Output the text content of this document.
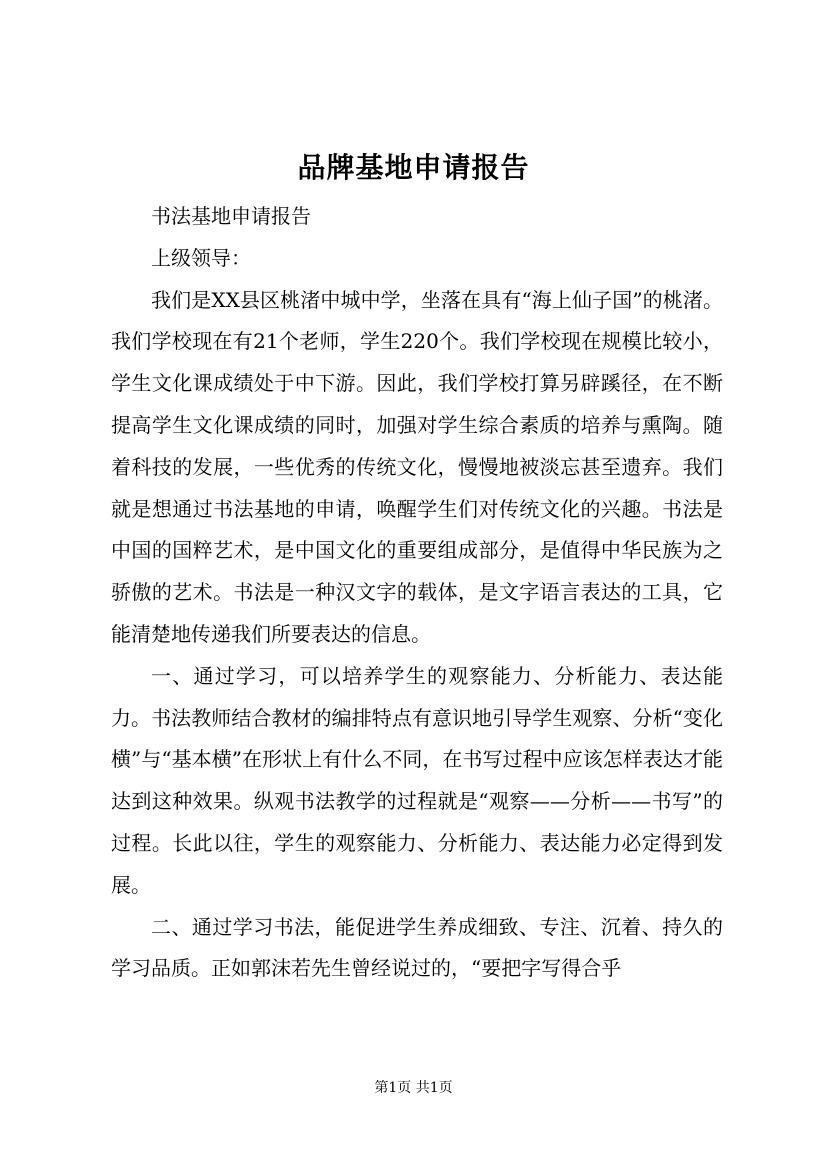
品牌基地申请报告

书法基地申请报告

上级领导：

我们是XX县区桃渚中城中学，坐落在具有“海上仙子国”的桃渚。我们学校现在有21个老师，学生220个。我们学校现在规模比较小，学生文化课成绩处于中下游。因此，我们学校打算另辟蹊径，在不断提高学生文化课成绩的同时，加强对学生综合素质的培养与熏陶。随着科技的发展，一些优秀的传统文化，慢慢地被淡忘甚至遗弃。我们就是想通过书法基地的申请，唤醒学生们对传统文化的兴趣。书法是中国的国粹艺术，是中国文化的重要组成部分，是值得中华民族为之骄傲的艺术。书法是一种汉文字的载体，是文字语言表达的工具，它能清楚地传递我们所要表达的信息。

一、通过学习，可以培养学生的观察能力、分析能力、表达能力。书法教师结合教材的编排特点有意识地引导学生观察、分析“变化横”与“基本横”在形状上有什么不同，在书写过程中应该怎样表达才能达到这种效果。纵观书法教学的过程就是“观察——分析——书写”的过程。长此以往，学生的观察能力、分析能力、表达能力必定得到发展。

二、通过学习书法，能促进学生养成细致、专注、沉着、持久的学习品质。正如郭沫若先生曾经说过的，“要把字写得合乎

第1页 共1页
